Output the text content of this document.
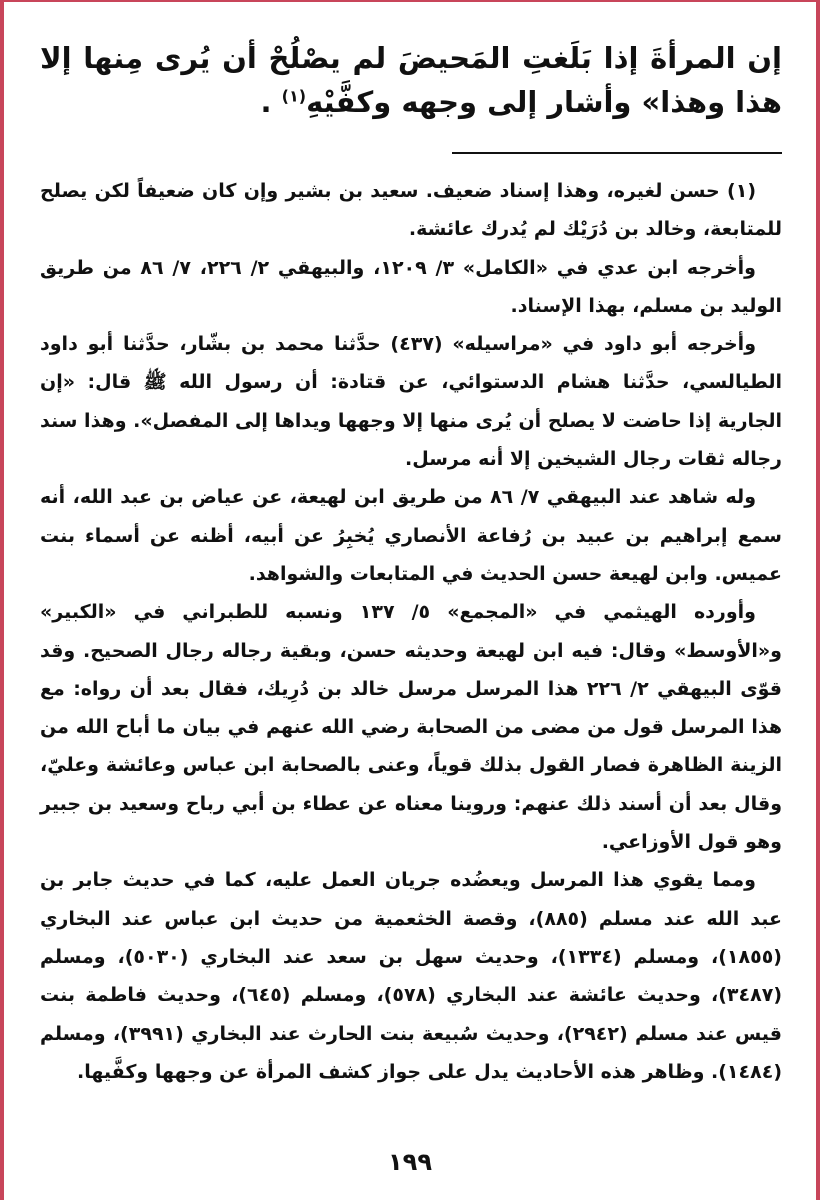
إن المرأةَ إذا بَلَغتِ المَحيضَ لم يصْلُحْ أن يُرى مِنها إلا هذا وهذا» وأشار إلى وجهه وكفَّيْهِ$^{(١)}$ .

(١) حسن لغيره، وهذا إسناد ضعيف. سعيد بن بشير وإن كان ضعيفاً لكن يصلح للمتابعة، وخالد بن دُرَيْك لم يُدرك عائشة.

وأخرجه ابن عدي في «الكامل» ٣/ ١٢٠٩، والبيهقي ٢/ ٢٢٦، ٧/ ٨٦ من طريق الوليد بن مسلم، بهذا الإسناد.

وأخرجه أبو داود في «مراسيله» (٤٣٧) حدَّثنا محمد بن بشّار، حدَّثنا أبو داود الطيالسي، حدَّثنا هشام الدستوائي، عن قتادة: أن رسول الله ﷺ قال: «إن الجارية إذا حاضت لا يصلح أن يُرى منها إلا وجهها ويداها إلى المفصل». وهذا سند رجاله ثقات رجال الشيخين إلا أنه مرسل.

وله شاهد عند البيهقي ٧/ ٨٦ من طريق ابن لهيعة، عن عياض بن عبد الله، أنه سمع إبراهيم بن عبيد بن رُفاعة الأنصاري يُخبِرُ عن أبيه، أظنه عن أسماء بنت عميس. وابن لهيعة حسن الحديث في المتابعات والشواهد.

وأورده الهيثمي في «المجمع» ٥/ ١٣٧ ونسبه للطبراني في «الكبير» و«الأوسط» وقال: فيه ابن لهيعة وحديثه حسن، وبقية رجاله رجال الصحيح. وقد قوّى البيهقي ٢/ ٢٢٦ هذا المرسل مرسل خالد بن دُرِيك، فقال بعد أن رواه: مع هذا المرسل قول من مضى من الصحابة رضي الله عنهم في بيان ما أباح الله من الزينة الظاهرة فصار القول بذلك قوياً، وعنى بالصحابة ابن عباس وعائشة وعليّ، وقال بعد أن أسند ذلك عنهم: وروينا معناه عن عطاء بن أبي رباح وسعيد بن جبير وهو قول الأوزاعي.

ومما يقوي هذا المرسل ويعضُده جريان العمل عليه، كما في حديث جابر بن عبد الله عند مسلم (٨٨٥)، وقصة الخثعمية من حديث ابن عباس عند البخاري (١٨٥٥)، ومسلم (١٣٣٤)، وحديث سهل بن سعد عند البخاري (٥٠٣٠)، ومسلم (٣٤٨٧)، وحديث عائشة عند البخاري (٥٧٨)، ومسلم (٦٤٥)، وحديث فاطمة بنت قيس عند مسلم (٢٩٤٢)، وحديث سُبيعة بنت الحارث عند البخاري (٣٩٩١)، ومسلم (١٤٨٤). وظاهر هذه الأحاديث يدل على جواز كشف المرأة عن وجهها وكفَّيها.

١٩٩
